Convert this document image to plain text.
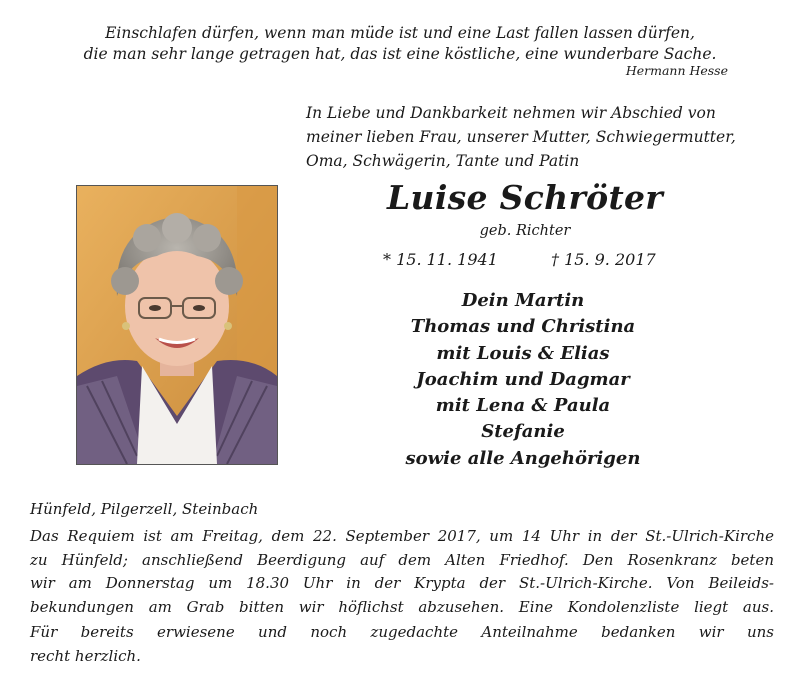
Einschlafen dürfen, wenn man müde ist und eine Last fallen lassen dürfen,
die man sehr lange getragen hat, das ist eine köstliche, eine wunderbare Sache.
Hermann Hesse
In Liebe und Dankbarkeit nehmen wir Abschied von
meiner lieben Frau, unserer Mutter, Schwiegermutter,
Oma, Schwägerin, Tante und Patin
Luise Schröter
geb. Richter
* 15. 11. 1941	† 15. 9. 2017
Dein Martin
Thomas und Christina
mit Louis & Elias
Joachim und Dagmar
mit Lena & Paula
Stefanie
sowie alle Angehörigen
Hünfeld, Pilgerzell, Steinbach
Das Requiem ist am Freitag, dem 22. September 2017, um 14 Uhr in der St.-Ulrich-Kirche
zu Hünfeld; anschließend Beerdigung auf dem Alten Friedhof. Den Rosenkranz beten
wir am Donnerstag um 18.30 Uhr in der Krypta der St.-Ulrich-Kirche. Von Beileids-
bekundungen am Grab bitten wir höflichst abzusehen. Eine Kondolenzliste liegt aus.
Für bereits erwiesene und noch zugedachte Anteilnahme bedanken wir uns
recht herzlich.
